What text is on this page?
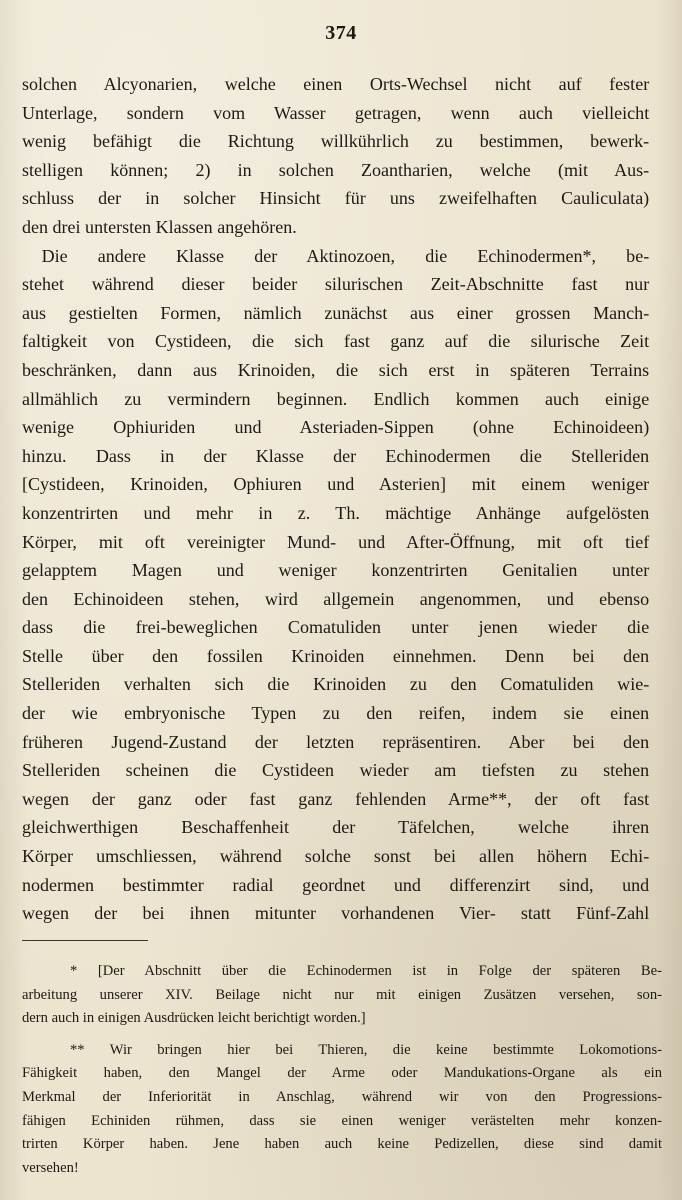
374
solchen Alcyonarien, welche einen Orts-Wechsel nicht auf fester
Unterlage, sondern vom Wasser getragen, wenn auch vielleicht
wenig befähigt die Richtung willkührlich zu bestimmen, bewerk-
stelligen können; 2) in solchen Zoantharien, welche (mit Aus-
schluss der in solcher Hinsicht für uns zweifelhaften Cauliculata)
den drei untersten Klassen angehören.
Die andere Klasse der Aktinozoen, die Echinodermen*, be-
stehet während dieser beider silurischen Zeit-Abschnitte fast nur
aus gestielten Formen, nämlich zunächst aus einer grossen Manch-
faltigkeit von Cystideen, die sich fast ganz auf die silurische Zeit
beschränken, dann aus Krinoiden, die sich erst in späteren Terrains
allmählich zu vermindern beginnen. Endlich kommen auch einige
wenige Ophiuriden und Asteriaden-Sippen (ohne Echinoideen)
hinzu. Dass in der Klasse der Echinodermen die Stelleriden
[Cystideen, Krinoiden, Ophiuren und Asterien] mit einem weniger
konzentrirten und mehr in z. Th. mächtige Anhänge aufgelösten
Körper, mit oft vereinigter Mund- und After-Öffnung, mit oft tief
gelapptem Magen und weniger konzentrirten Genitalien unter
den Echinoideen stehen, wird allgemein angenommen, und ebenso
dass die frei-beweglichen Comatuliden unter jenen wieder die
Stelle über den fossilen Krinoiden einnehmen. Denn bei den
Stelleriden verhalten sich die Krinoiden zu den Comatuliden wie-
der wie embryonische Typen zu den reifen, indem sie einen
früheren Jugend-Zustand der letzten repräsentiren. Aber bei den
Stelleriden scheinen die Cystideen wieder am tiefsten zu stehen
wegen der ganz oder fast ganz fehlenden Arme**, der oft fast
gleichwerthigen Beschaffenheit der Täfelchen, welche ihren
Körper umschliessen, während solche sonst bei allen höhern Echi-
nodermen bestimmter radial geordnet und differenzirt sind, und
wegen der bei ihnen mitunter vorhandenen Vier- statt Fünf-Zahl
* [Der Abschnitt über die Echinodermen ist in Folge der späteren Be-
arbeitung unserer XIV. Beilage nicht nur mit einigen Zusätzen versehen, son-
dern auch in einigen Ausdrücken leicht berichtigt worden.]
** Wir bringen hier bei Thieren, die keine bestimmte Lokomotions-
Fähigkeit haben, den Mangel der Arme oder Mandukations-Organe als ein
Merkmal der Inferiorität in Anschlag, während wir von den Progressions-
fähigen Echiniden rühmen, dass sie einen weniger verästelten mehr konzen-
trirten Körper haben. Jene haben auch keine Pedizellen, diese sind damit
versehen!
